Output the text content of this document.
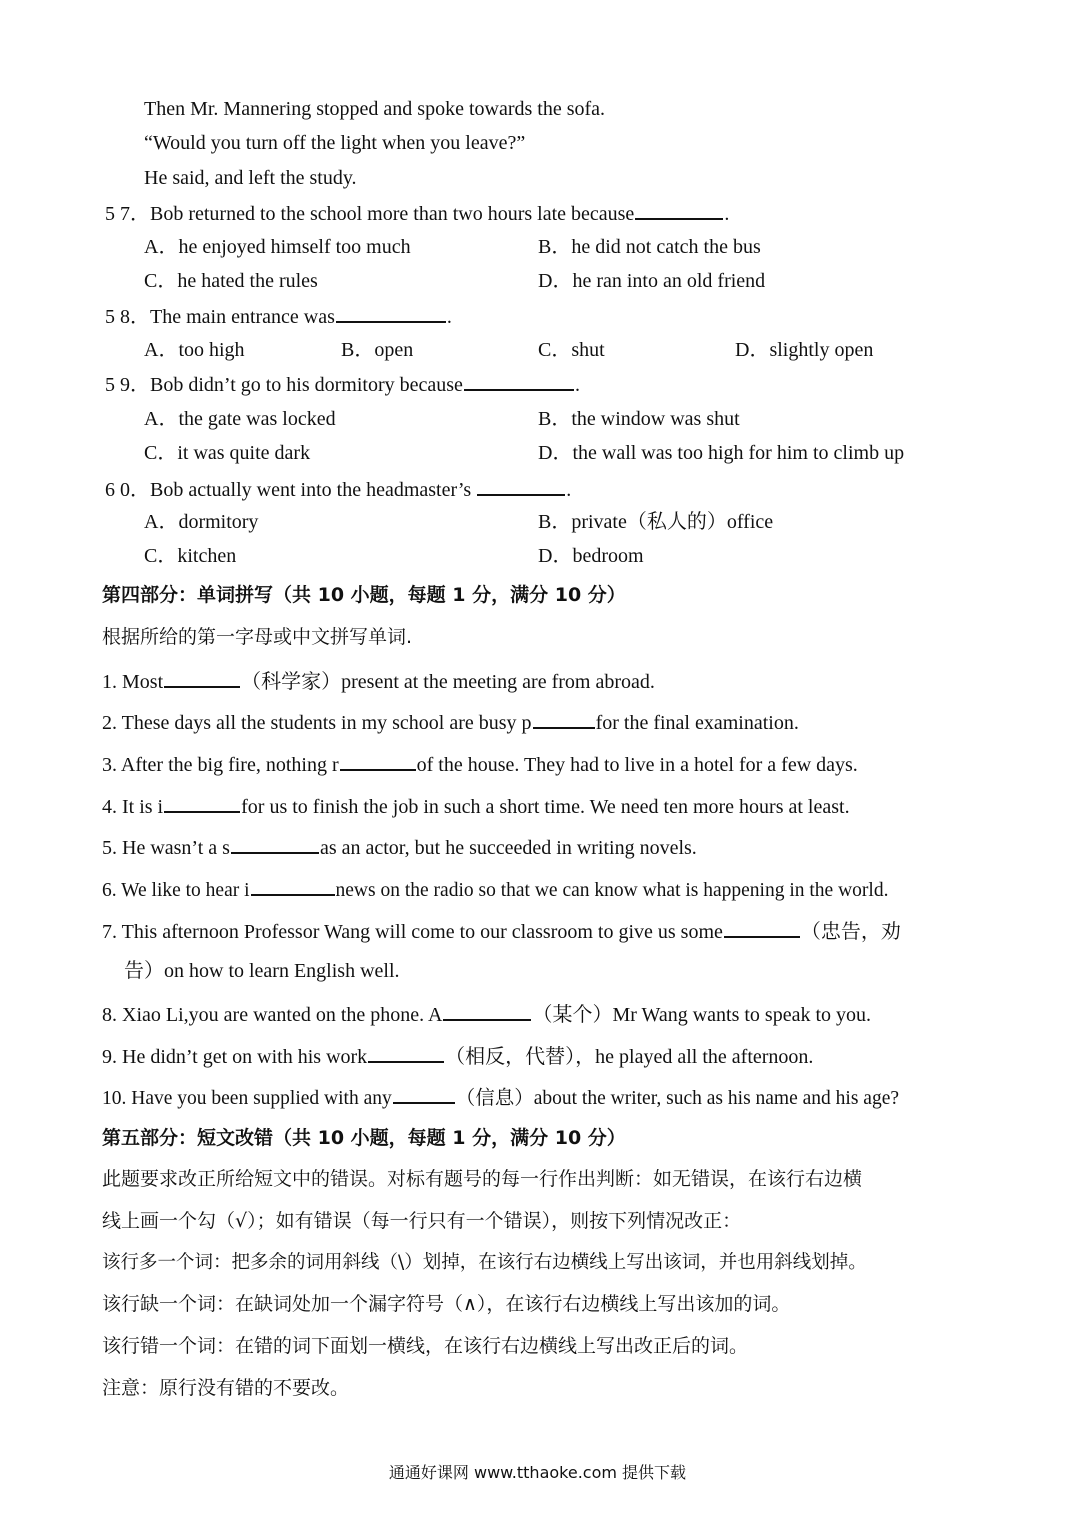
Then Mr. Mannering stopped and spoke towards the sofa.
“Would you turn off the light when you leave?”
He said, and left the study.
5 7．Bob returned to the school more than two hours late because	.
A．he enjoyed himself too much	B．he did not catch the bus
C．he hated the rules	D．he ran into an old friend
5 8．The main entrance was	.
A．too high	B．open	C．shut	D．slightly open
5 9．Bob didn’t go to his dormitory because	.
A．the gate was locked	B．the window was shut
C．it was quite dark	D．the wall was too high for him to climb up
6 0．Bob actually went into the headmaster’s	.
A．dormitory	B．private（私人的）office
C．kitchen	D．bedroom
第四部分：单词拼写（共 10 小题，每题 1 分，满分 10 分）
根据所给的第一字母或中文拼写单词.
1. Most	（科学家）present at the meeting are from abroad.
2. These days all the students in my school are busy p	for the final examination.
3. After the big fire, nothing r	of the house. They had to live in a hotel for a few days.
4. It is i	for us to finish the job in such a short time. We need ten more hours at least.
5. He wasn’t a s	as an actor, but he succeeded in writing novels.
6. We like to hear i	news on the radio so that we can know what is happening in the world.
7. This afternoon Professor Wang will come to our classroom to give us some	（忠告，劝
告）on how to learn English well.
8. Xiao Li,you are wanted on the phone. A	（某个）Mr Wang wants to speak to you.
9. He didn’t get on with his work	（相反，代替），he played all the afternoon.
10. Have you been supplied with any	（信息）about the writer, such as his name and his age?
第五部分：短文改错（共 10 小题，每题 1 分，满分 10 分）
此题要求改正所给短文中的错误。对标有题号的每一行作出判断：如无错误，在该行右边横
线上画一个勾（√）；如有错误（每一行只有一个错误），则按下列情况改正：
该行多一个词：把多余的词用斜线（\）划掉，在该行右边横线上写出该词，并也用斜线划掉。
该行缺一个词：在缺词处加一个漏字符号（∧），在该行右边横线上写出该加的词。
该行错一个词：在错的词下面划一横线，在该行右边横线上写出改正后的词。
注意：原行没有错的不要改。
通通好课网 www.tthaoke.com 提供下载
